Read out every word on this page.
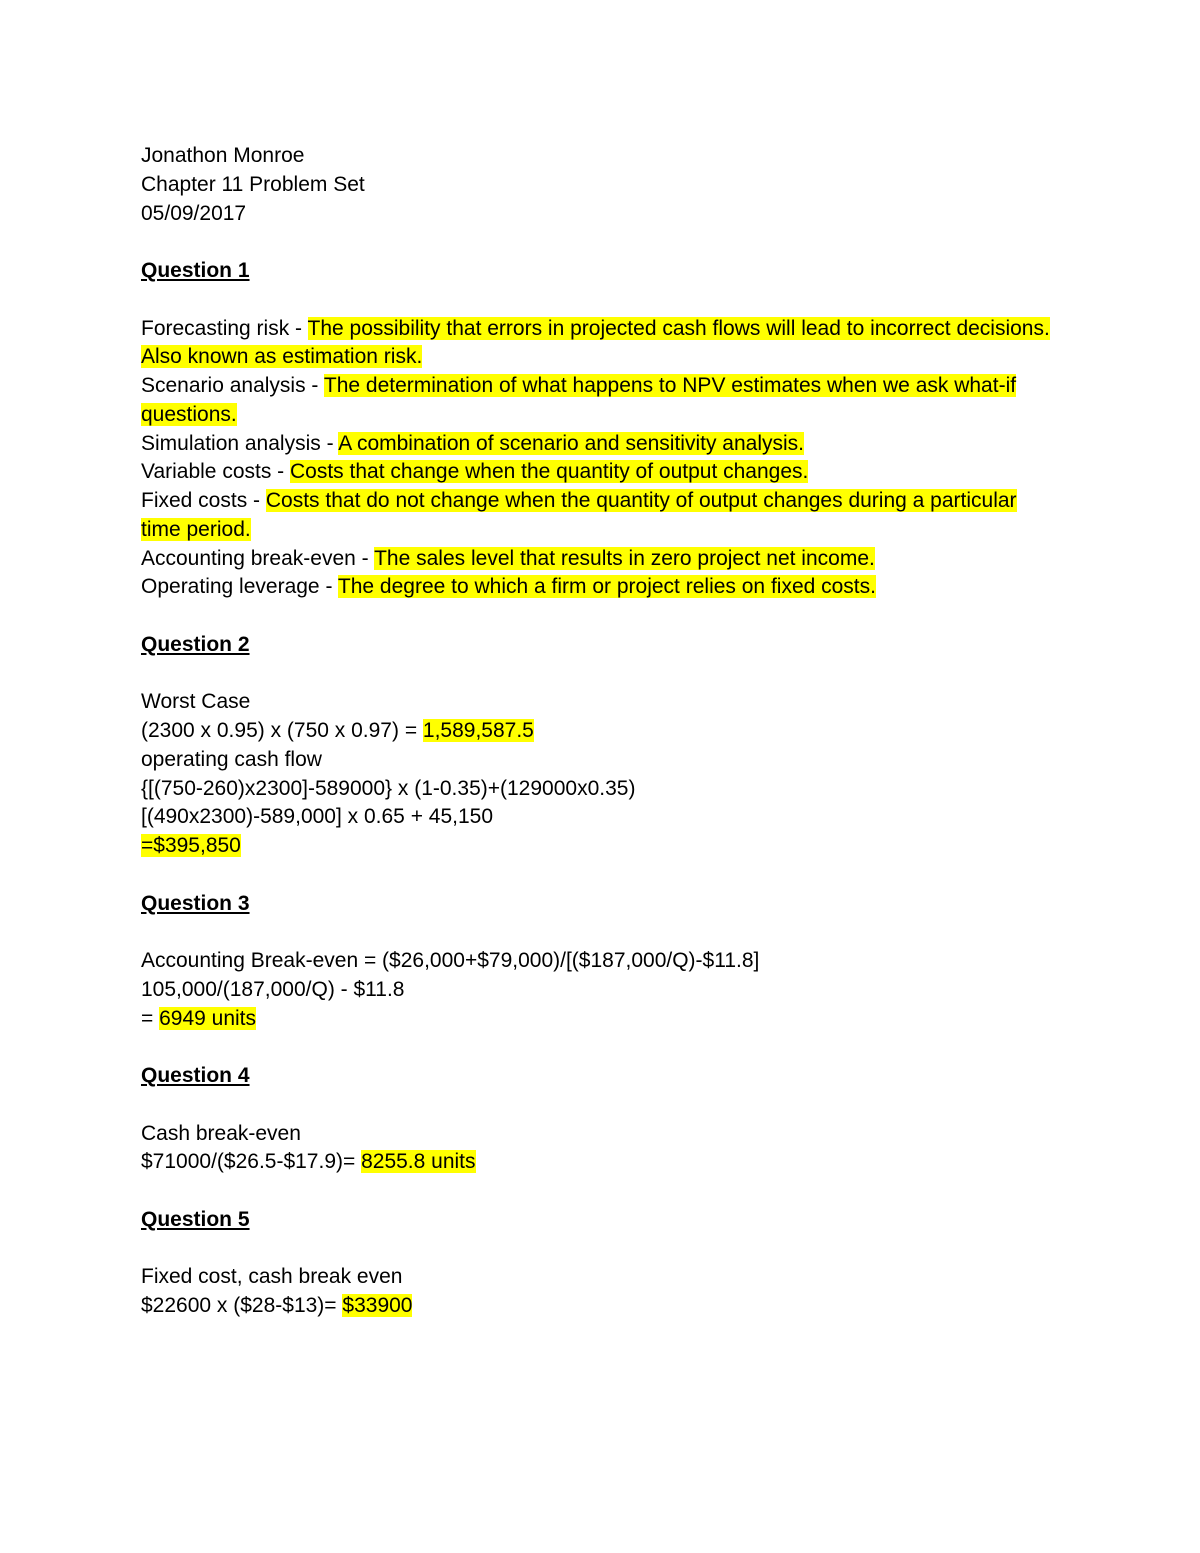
Jonathon Monroe
Chapter 11 Problem Set
05/09/2017
Question 1
Forecasting risk - The possibility that errors in projected cash flows will lead to incorrect decisions. Also known as estimation risk.
Scenario analysis - The determination of what happens to NPV estimates when we ask what-if questions.
Simulation analysis - A combination of scenario and sensitivity analysis.
Variable costs - Costs that change when the quantity of output changes.
Fixed costs - Costs that do not change when the quantity of output changes during a particular time period.
Accounting break-even - The sales level that results in zero project net income.
Operating leverage - The degree to which a firm or project relies on fixed costs.
Question 2
Worst Case
(2300 x 0.95) x (750 x 0.97) = 1,589,587.5
operating cash flow
{[(750-260)x2300]-589000} x (1-0.35)+(129000x0.35)
[(490x2300)-589,000] x 0.65 + 45,150
=$395,850
Question 3
Accounting Break-even = ($26,000+$79,000)/[($187,000/Q)-$11.8]
105,000/(187,000/Q) - $11.8
= 6949 units
Question 4
Cash break-even
$71000/($26.5-$17.9)= 8255.8 units
Question 5
Fixed cost, cash break even
$22600 x ($28-$13)= $33900
